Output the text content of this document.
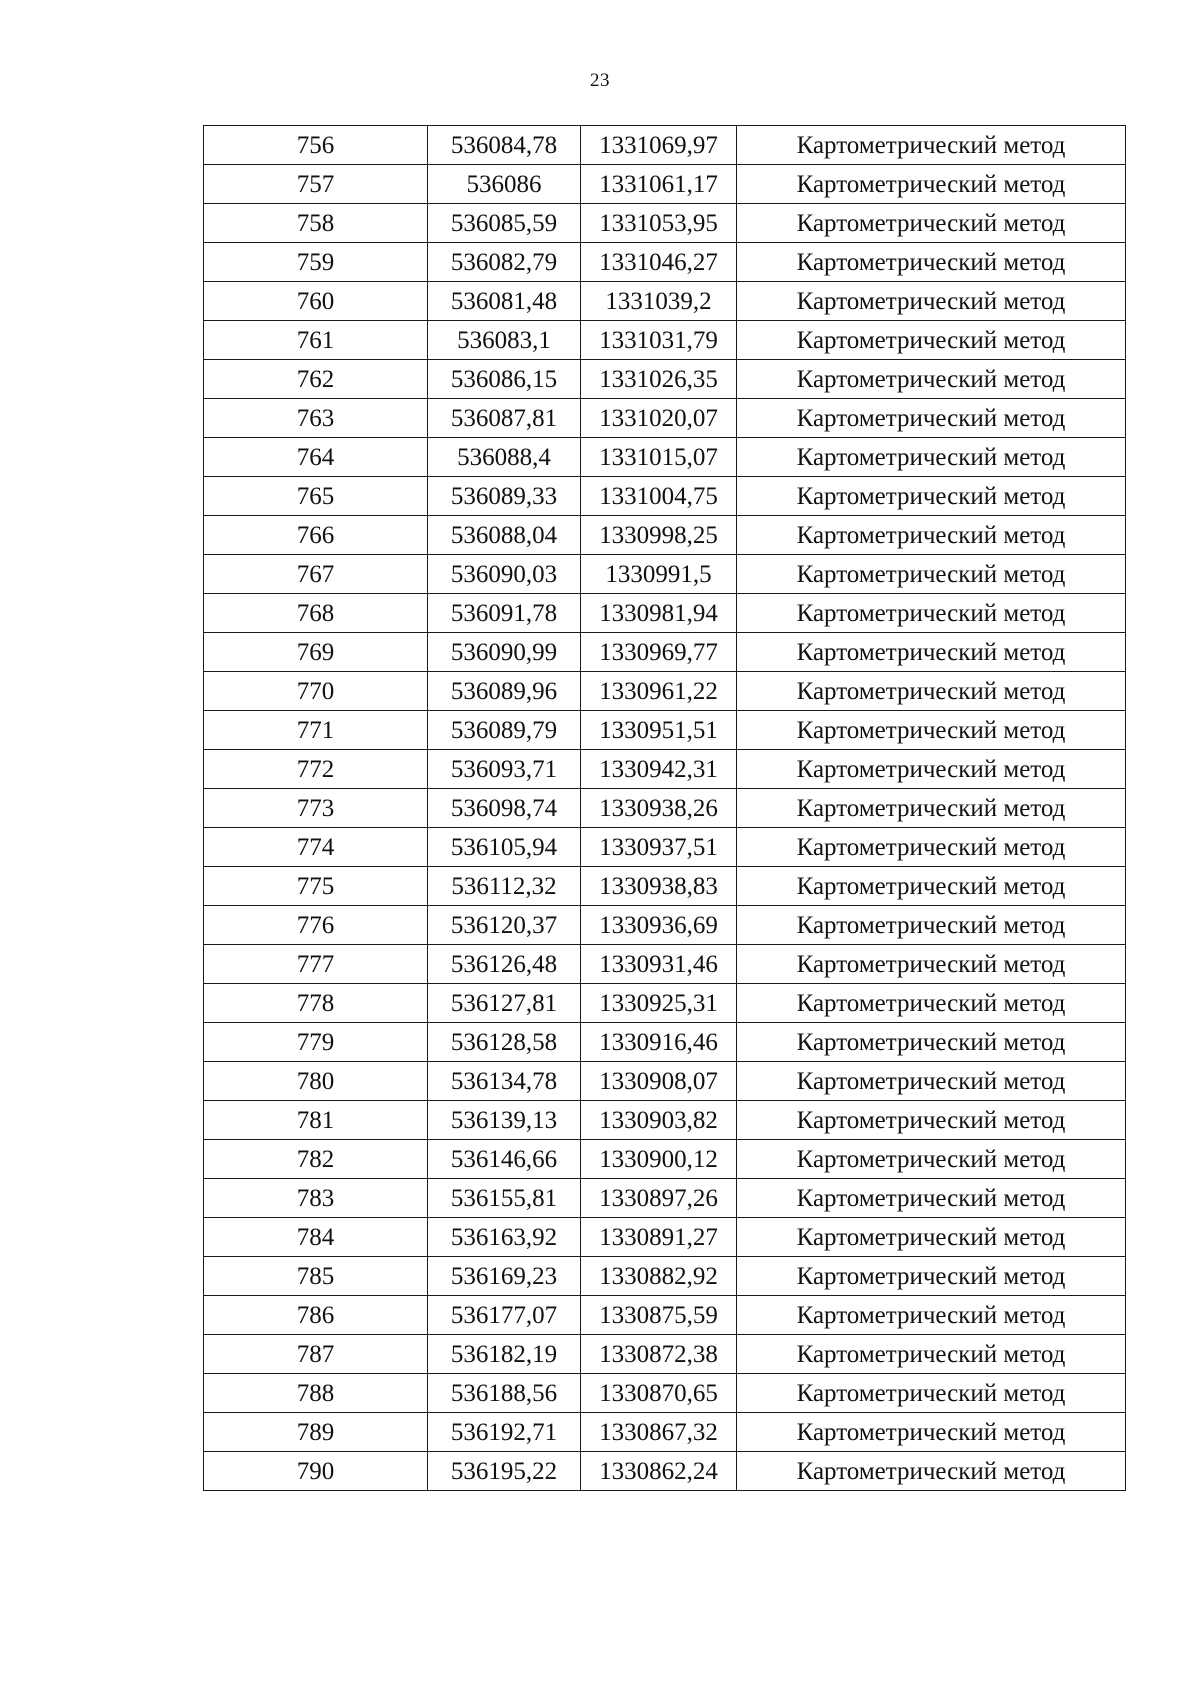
23
756	536084,78	1331069,97	Картометрический метод
757	536086	1331061,17	Картометрический метод
758	536085,59	1331053,95	Картометрический метод
759	536082,79	1331046,27	Картометрический метод
760	536081,48	1331039,2	Картометрический метод
761	536083,1	1331031,79	Картометрический метод
762	536086,15	1331026,35	Картометрический метод
763	536087,81	1331020,07	Картометрический метод
764	536088,4	1331015,07	Картометрический метод
765	536089,33	1331004,75	Картометрический метод
766	536088,04	1330998,25	Картометрический метод
767	536090,03	1330991,5	Картометрический метод
768	536091,78	1330981,94	Картометрический метод
769	536090,99	1330969,77	Картометрический метод
770	536089,96	1330961,22	Картометрический метод
771	536089,79	1330951,51	Картометрический метод
772	536093,71	1330942,31	Картометрический метод
773	536098,74	1330938,26	Картометрический метод
774	536105,94	1330937,51	Картометрический метод
775	536112,32	1330938,83	Картометрический метод
776	536120,37	1330936,69	Картометрический метод
777	536126,48	1330931,46	Картометрический метод
778	536127,81	1330925,31	Картометрический метод
779	536128,58	1330916,46	Картометрический метод
780	536134,78	1330908,07	Картометрический метод
781	536139,13	1330903,82	Картометрический метод
782	536146,66	1330900,12	Картометрический метод
783	536155,81	1330897,26	Картометрический метод
784	536163,92	1330891,27	Картометрический метод
785	536169,23	1330882,92	Картометрический метод
786	536177,07	1330875,59	Картометрический метод
787	536182,19	1330872,38	Картометрический метод
788	536188,56	1330870,65	Картометрический метод
789	536192,71	1330867,32	Картометрический метод
790	536195,22	1330862,24	Картометрический метод
